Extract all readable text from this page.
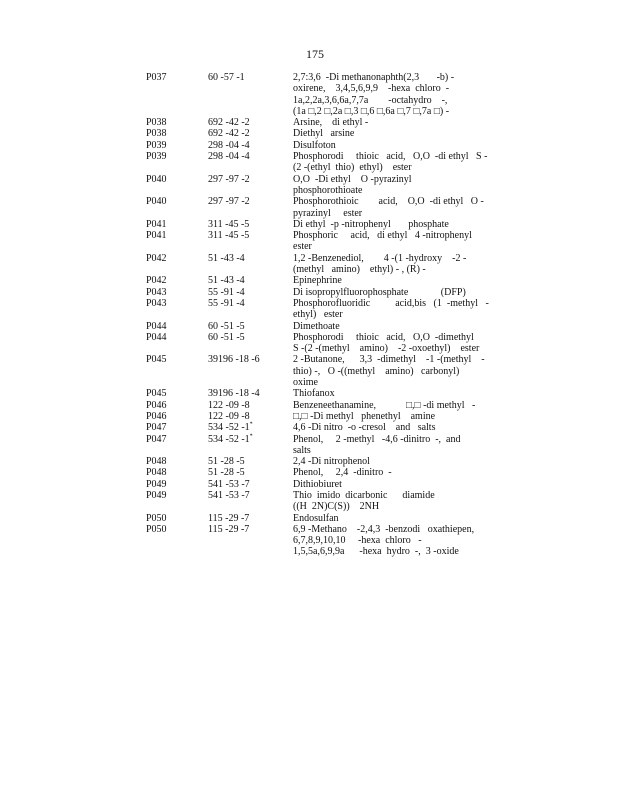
175
P037	60 -57 -1	2,7:3,6  -Di methanonaphth(2,3       -b) -
oxirene,    3,4,5,6,9,9    -hexa  chloro  -
1a,2,2a,3,6,6a,7,7a        -octahydro    -,
(1a □,2 □,2a □,3 □,6 □,6a □,7 □,7a □) -
P038	692 -42 -2	Arsine,    di ethyl -
P038	692 -42 -2	Diethyl   arsine
P039	298 -04 -4	Disulfoton
P039	298 -04 -4	Phosphorodi     thioic   acid,   O,O  -di ethyl   S -
(2 -(ethyl  thio)  ethyl)    ester
P040	297 -97 -2	O,O  -Di ethyl    O -pyrazinyl
phosphorothioate
P040	297 -97 -2	Phosphorothioic        acid,    O,O  -di ethyl   O -
pyrazinyl     ester
P041	311 -45 -5	Di ethyl  -p -nitrophenyl       phosphate
P041	311 -45 -5	Phosphoric     acid,   di ethyl   4 -nitrophenyl
ester
P042	51 -43 -4	1,2 -Benzenediol,        4 -(1 -hydroxy    -2 -
(methyl   amino)    ethyl) - , (R) -
P042	51 -43 -4	Epinephrine
P043	55 -91 -4	Di isopropylfluorophosphate             (DFP)
P043	55 -91 -4	Phosphorofluoridic          acid,bis   (1  -methyl   -
ethyl)   ester
P044	60 -51 -5	Dimethoate
P044	60 -51 -5	Phosphorodi     thioic   acid,   O,O  -dimethyl
S -(2 -(methyl    amino)    -2 -oxoethyl)    ester
P045	39196 -18 -6	2 -Butanone,      3,3  -dimethyl    -1 -(methyl    -
thio) -,   O -((methyl    amino)   carbonyl)
oxime
P045	39196 -18 -4	Thiofanox
P046	122 -09 -8	Benzeneethanamine,            □,□ -di methyl   -
P046	122 -09 -8	□,□ -Di methyl   phenethyl    amine
P047	534 -52 -1*	4,6 -Di nitro  -o -cresol    and   salts
P047	534 -52 -1*	Phenol,     2 -methyl   -4,6 -dinitro  -,  and
salts
P048	51 -28 -5	2,4 -Di nitrophenol
P048	51 -28 -5	Phenol,     2,4  -dinitro  -
P049	541 -53 -7	Dithiobiuret
P049	541 -53 -7	Thio  imido  dicarbonic      diamide
((H  2N)C(S))    2NH
P050	115 -29 -7	Endosulfan
P050	115 -29 -7	6,9 -Methano    -2,4,3  -benzodi   oxathiepen,
6,7,8,9,10,10     -hexa  chloro   -
1,5,5a,6,9,9a      -hexa  hydro  -,  3 -oxide
